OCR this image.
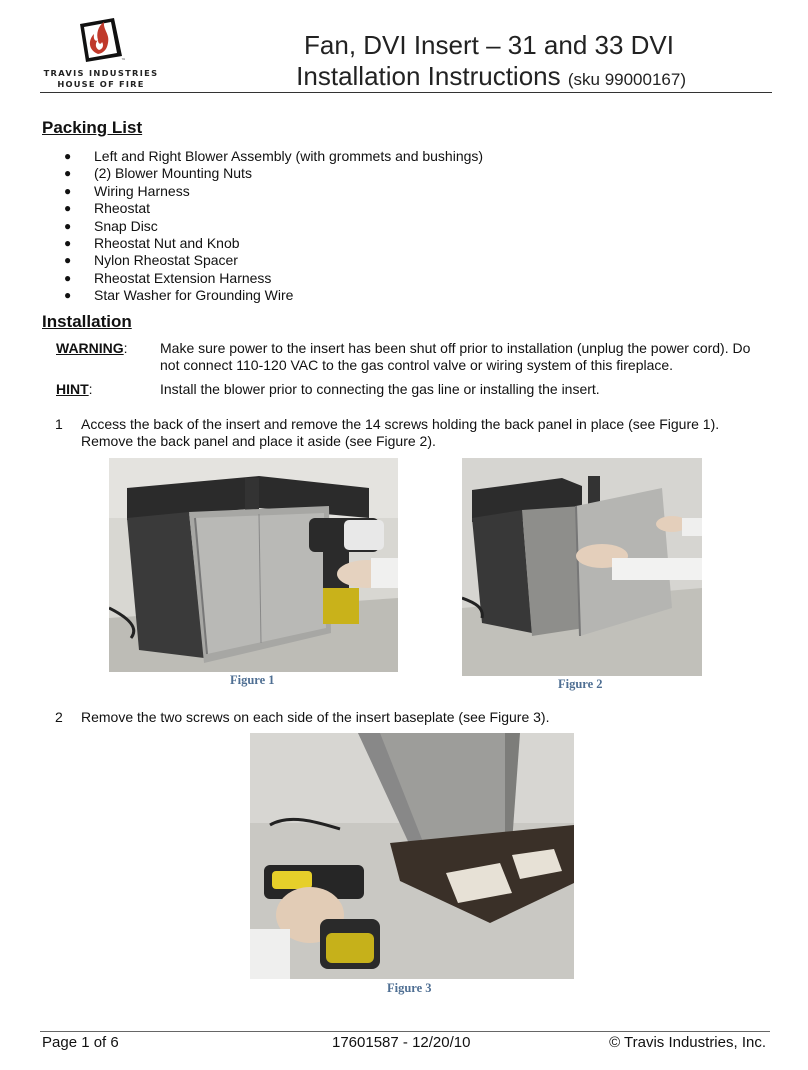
™
TRAVIS INDUSTRIES
HOUSE OF FIRE
Fan, DVI Insert – 31 and 33 DVI
Installation Instructions (sku 99000167)
Packing List
● Left and Right Blower Assembly (with grommets and bushings)
● (2) Blower Mounting Nuts
● Wiring Harness
● Rheostat
● Snap Disc
● Rheostat Nut and Knob
● Nylon Rheostat Spacer
● Rheostat Extension Harness
● Star Washer for Grounding Wire
Installation
WARNING: Make sure power to the insert has been shut off prior to installation (unplug the power cord). Do not connect 110-120 VAC to the gas control valve or wiring system of this fireplace.
HINT:	Install the blower prior to connecting the gas line or installing the insert.
1 Access the back of the insert and remove the 14 screws holding the back panel in place (see Figure 1). Remove the back panel and place it aside (see Figure 2).
Figure 1	Figure 2
2 Remove the two screws on each side of the insert baseplate (see Figure 3).
Figure 3
Page 1 of 6	17601587 - 12/20/10	© Travis Industries, Inc.
